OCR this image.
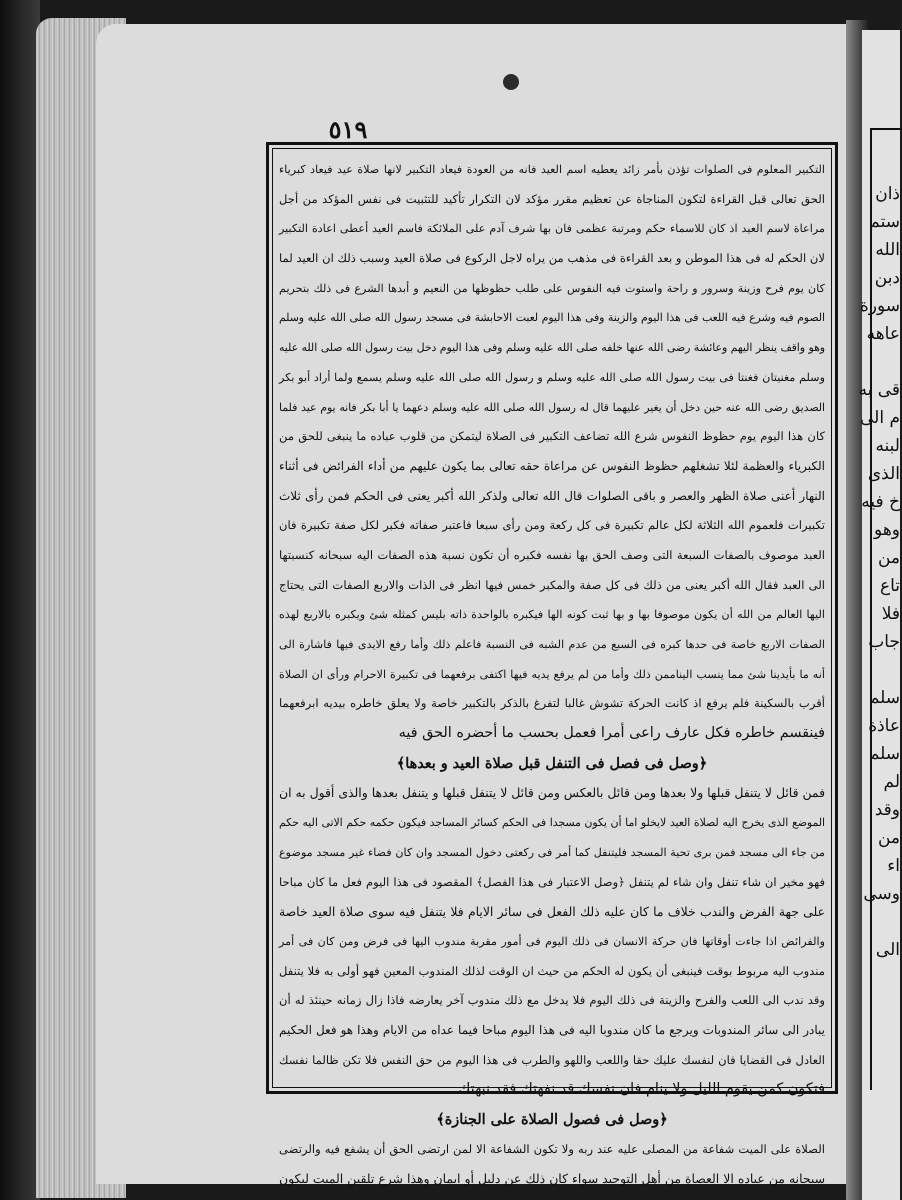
ذان
ستم
الله
دبن
سورة
عاهه

قى به
م الى
لبنه
الذى
خ فيه
وهو
من
تاع
فلا
جاب

سلم
عاذة
سلم
لم
وقد
من
اء
وسى

الى
٥١٩
التكبير المعلوم فى الصلوات تؤذن بأمر زائد يعطيه اسم العيد فانه من العودة فيعاد التكبير لانها صلاة عيد فيعاد كبرياء
الحق تعالى قبل القراءة لتكون المناجاة عن تعظيم مقرر مؤكد لان التكرار تأكيد للتثبيت فى نفس المؤكد من أجل
مراعاة لاسم العيد اذ كان للاسماء حكم ومرتبة عظمى فان بها شرف آدم على الملائكة فاسم العيد أعطى اعادة التكبير
لان الحكم له فى هذا الموطن و بعد القراءة فى مذهب من يراه لاجل الركوع فى صلاة العيد وسبب ذلك ان العيد لما
كان يوم فرح وزينة وسرور و راحة واستوت فيه النفوس على طلب حظوظها من النعيم و أبدها الشرع فى ذلك بتحريم
الصوم فيه وشرع فيه اللعب فى هذا اليوم والزينة وفى هذا اليوم لعبت الاحابشة فى مسجد رسول الله صلى الله عليه وسلم
وهو واقف ينظر اليهم وعائشة رضى الله عنها خلفه صلى الله عليه وسلم وفى هذا اليوم دخل بيت رسول الله صلى الله عليه
وسلم مغنيتان فغنتا فى بيت رسول الله صلى الله عليه وسلم و رسول الله صلى الله عليه وسلم يسمع ولما أراد أبو بكر
الصديق رضى الله عنه حين دخل أن يغير عليهما قال له رسول الله صلى الله عليه وسلم دعهما يا أبا بكر فانه يوم عيد فلما
كان هذا اليوم يوم حظوظ النفوس شرع الله تضاعف التكبير فى الصلاة ليتمكن من قلوب عباده ما ينبغى للحق من
الكبرياء والعظمة لئلا تشغلهم حظوظ النفوس عن مراعاة حقه تعالى بما يكون عليهم من أداء الفرائض فى أثناء
النهار أعنى صلاة الظهر والعصر و باقى الصلوات قال الله تعالى ولذكر الله أكبر يعنى فى الحكم فمن رأى ثلاث
تكبيرات فلعموم الله الثلاثة لكل عالم تكبيرة فى كل ركعة ومن رأى سبعا فاعتبر صفاته فكبر لكل صفة تكبيرة فان
العبد موصوف بالصفات السبعة التى وصف الحق بها نفسه فكبره أن تكون نسبة هذه الصفات اليه سبحانه كنسبتها
الى العبد فقال الله أكبر يعنى من ذلك فى كل صفة والمكبر خمس فيها انظر فى الذات والاربع الصفات التى يحتاج
اليها العالم من الله أن يكون موصوفا بها و بها ثبت كونه الها فيكبره بالواحدة ذاته بليس كمثله شئ ويكبره بالاربع لهذه
الصفات الاربع خاصة فى حدها كبره فى السبع من عدم الشبه فى النسبة فاعلم ذلك وأما رفع الايدى فيها فاشارة الى
أنه ما بأيدينا شئ مما ينسب اليناممن ذلك وأما من لم يرفع يديه فيها اكتفى برفعهما فى تكبيرة الاحرام ورأى ان الصلاة
أقرب بالسكينة فلم يرفع اذ كانت الحركة تشوش غالبا لتفرغ بالذكر بالتكبير خاصة ولا يعلق خاطره بيديه ابرفعهما
فينقسم خاطره فكل عارف راعى أمرا فعمل بحسب ما أحضره الحق فيه
﴿وصل فى فصل فى التنفل قبل صلاة العيد و بعدها﴾
فمن قائل لا يتنفل قبلها ولا بعدها ومن قائل بالعكس ومن قائل لا يتنفل قبلها و يتنفل بعدها والذى أقول به ان
الموضع الذى يخرج اليه لصلاة العيد لايخلو اما أن يكون مسجدا فى الحكم كسائر المساجد فيكون حكمه حكم الاتى اليه حكم
من جاء الى مسجد فمن برى تحية المسجد فليتنفل كما أمر فى ركعتى دخول المسجد وان كان فضاء غير مسجد موضوع
فهو مخير ان شاء تنفل وان شاء لم يتنفل ﴿وصل الاعتبار فى هذا الفصل﴾ المقصود فى هذا اليوم فعل ما كان مباحا
على جهة الفرض والندب خلاف ما كان عليه ذلك الفعل فى سائر الايام فلا يتنفل فيه سوى صلاة العيد خاصة
والفرائض اذا جاءت أوقاتها فان حركة الانسان فى ذلك اليوم فى أمور مقربة مندوب اليها فى فرض ومن كان فى أمر
مندوب اليه مربوط بوقت فينبغى أن يكون له الحكم من حيث ان الوقت لذلك المندوب المعين فهو أولى به فلا يتنفل
وقد ندب الى اللعب والفرح والزينة فى ذلك اليوم فلا يدخل مع ذلك مندوب آخر يعارضه فاذا زال زمانه حينئذ له أن
يبادر الى سائر المندوبات ويرجع ما كان مندوبا اليه فى هذا اليوم مباحا فيما عداه من الايام وهذا هو فعل الحكيم
العادل فى القضايا فان لنفسك عليك حقا واللعب واللهو والطرب فى هذا اليوم من حق النفس فلا تكن ظالما نفسك
فتكون كمن يقوم الليل ولا ينام فان نفسك قد نفهتك فقد نبهتك
﴿وصل فى فصول الصلاة على الجنازة﴾
الصلاة على الميت شفاعة من المصلى عليه عند ربه ولا تكون الشفاعة الا لمن ارتضى الحق أن يشفع فيه والرتضى
سبحانه من عباده الا العصاة من أهل التوحيد سواء كان ذلك عن دليل أو ايمان وهذا شرع تلقين الميت ليكون
